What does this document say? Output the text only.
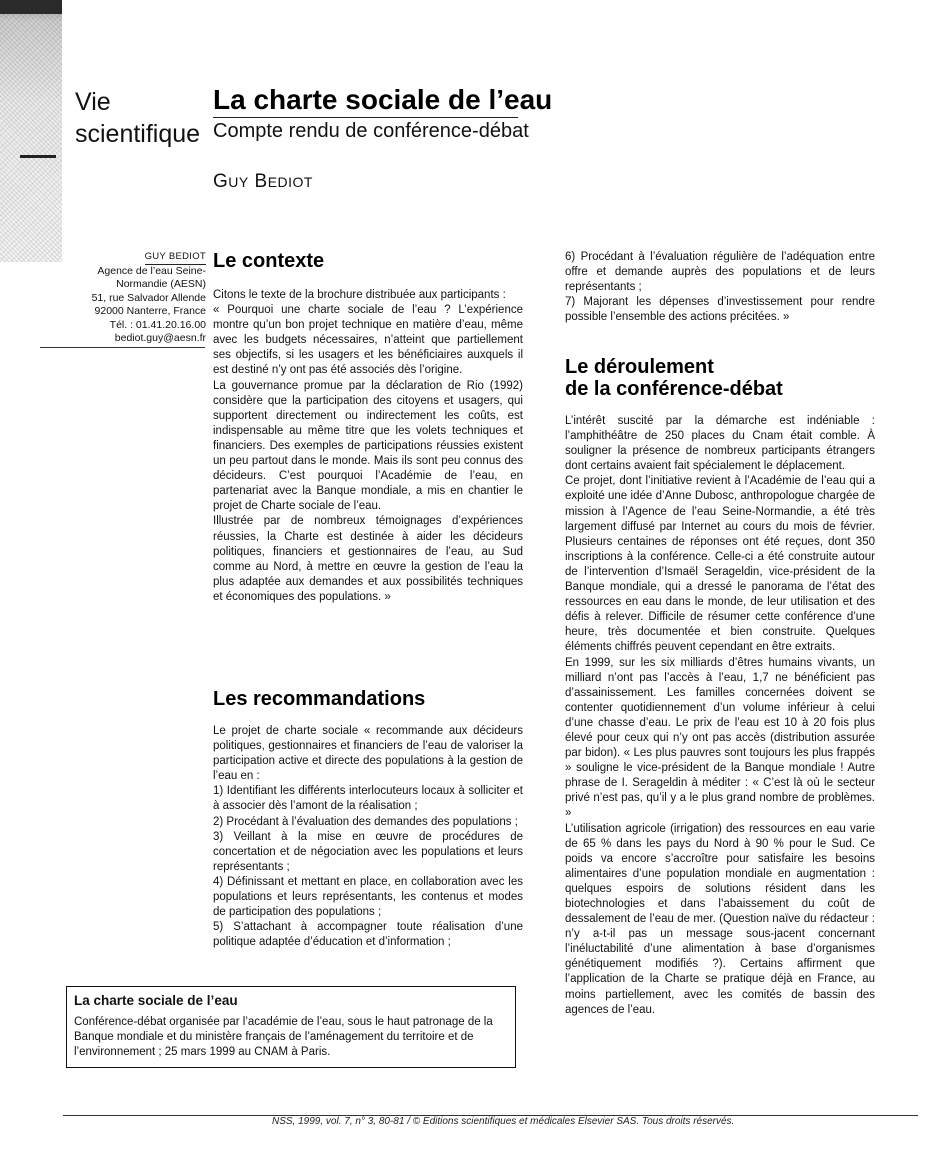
Vie
scientifique
La charte sociale de l’eau
Compte rendu de conférence-débat
GUY BEDIOT
GUY BEDIOT
Agence de l’eau Seine-
Normandie (AESN)
51, rue Salvador Allende
92000 Nanterre, France
Tél. : 01.41.20.16.00
bediot.guy@aesn.fr
Le contexte

Citons le texte de la brochure distribuée aux participants :

« Pourquoi une charte sociale de l’eau ? L’expérience montre qu’un bon projet technique en matière d’eau, même avec les budgets nécessaires, n’atteint que partiellement ses objectifs, si les usagers et les bénéficiaires auxquels il est destiné n’y ont pas été associés dès l’origine.

La gouvernance promue par la déclaration de Rio (1992) considère que la participation des citoyens et usagers, qui supportent directement ou indirectement les coûts, est indispensable au même titre que les volets techniques et financiers. Des exemples de participations réussies existent un peu partout dans le monde. Mais ils sont peu connus des décideurs. C’est pourquoi l’Académie de l’eau, en partenariat avec la Banque mondiale, a mis en chantier le projet de Charte sociale de l’eau.

Illustrée par de nombreux témoignages d’expériences réussies, la Charte est destinée à aider les décideurs politiques, financiers et gestionnaires de l’eau, au Sud comme au Nord, à mettre en œuvre la gestion de l’eau la plus adaptée aux demandes et aux possibilités techniques et économiques des populations. »

Les recommandations

Le projet de charte sociale « recommande aux décideurs politiques, gestionnaires et financiers de l’eau de valoriser la participation active et directe des populations à la gestion de l’eau en :

1) Identifiant les différents interlocuteurs locaux à solliciter et à associer dès l’amont de la réalisation ;

2) Procédant à l’évaluation des demandes des populations ;

3) Veillant à la mise en œuvre de procédures de concertation et de négociation avec les populations et leurs représentants ;

4) Définissant et mettant en place, en collaboration avec les populations et leurs représentants, les contenus et modes de participation des populations ;

5) S’attachant à accompagner toute réalisation d’une politique adaptée d’éducation et d’information ;

La charte sociale de l’eau
Conférence-débat organisée par l’académie de l’eau, sous le haut patronage de la Banque mondiale et du ministère français de l’aménagement du territoire et de l’environnement ; 25 mars 1999 au CNAM à Paris.

6) Procédant à l’évaluation régulière de l’adéquation entre offre et demande auprès des populations et de leurs représentants ;

7) Majorant les dépenses d’investissement pour rendre possible l’ensemble des actions précitées. »

Le déroulement
de la conférence-débat

L’intérêt suscité par la démarche est indéniable : l’amphithéâtre de 250 places du Cnam était comble. À souligner la présence de nombreux participants étrangers dont certains avaient fait spécialement le déplacement.

Ce projet, dont l’initiative revient à l’Académie de l’eau qui a exploité une idée d’Anne Dubosc, anthropologue chargée de mission à l’Agence de l’eau Seine-Normandie, a été très largement diffusé par Internet au cours du mois de février. Plusieurs centaines de réponses ont été reçues, dont 350 inscriptions à la conférence. Celle-ci a été construite autour de l’intervention d’Ismaël Serageldin, vice-président de la Banque mondiale, qui a dressé le panorama de l’état des ressources en eau dans le monde, de leur utilisation et des défis à relever. Difficile de résumer cette conférence d’une heure, très documentée et bien construite. Quelques éléments chiffrés peuvent cependant en être extraits.

En 1999, sur les six milliards d’êtres humains vivants, un milliard n’ont pas l’accès à l’eau, 1,7 ne bénéficient pas d’assainissement. Les familles concernées doivent se contenter quotidiennement d’un volume inférieur à celui d’une chasse d’eau. Le prix de l’eau est 10 à 20 fois plus élevé pour ceux qui n’y ont pas accès (distribution assurée par bidon). « Les plus pauvres sont toujours les plus frappés » souligne le vice-président de la Banque mondiale ! Autre phrase de I. Serageldin à méditer : « C’est là où le secteur privé n’est pas, qu’il y a le plus grand nombre de problèmes. »

L’utilisation agricole (irrigation) des ressources en eau varie de 65 % dans les pays du Nord à 90 % pour le Sud. Ce poids va encore s’accroître pour satisfaire les besoins alimentaires d’une population mondiale en augmentation : quelques espoirs de solutions résident dans les biotechnologies et dans l’abaissement du coût de dessalement de l’eau de mer. (Question naïve du rédacteur : n’y a-t-il pas un message sous-jacent concernant l’inéluctabilité d’une alimentation à base d’organismes génétiquement modifiés ?). Certains affirment que l’application de la Charte se pratique déjà en France, au moins partiellement, avec les comités de bassin des agences de l’eau.

NSS, 1999, vol. 7, n° 3, 80-81 / © Éditions scientifiques et médicales Elsevier SAS. Tous droits réservés.
